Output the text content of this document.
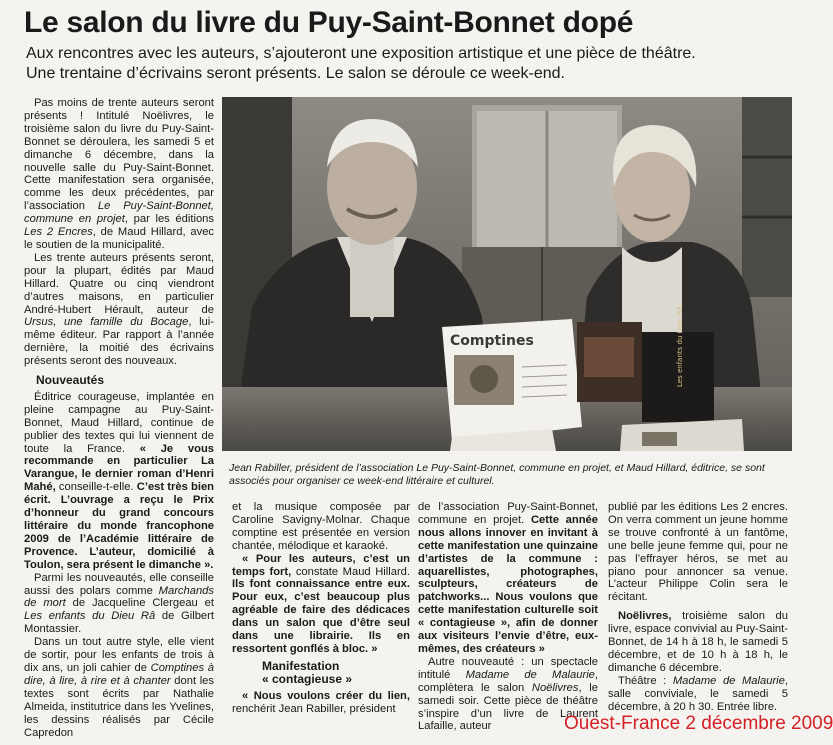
Le salon du livre du Puy-Saint-Bonnet dopé

Aux rencontres avec les auteurs, s’ajouteront une exposition artistique et une pièce de théâtre.

Une trentaine d’écrivains seront présents. Le salon se déroule ce week-end.

Pas moins de trente auteurs seront présents ! Intitulé Noëlivres, le troisième salon du livre du Puy-Saint-Bonnet se déroulera, les samedi 5 et dimanche 6 décembre, dans la nouvelle salle du Puy-Saint-Bonnet. Cette manifestation sera organisée, comme les deux précédentes, par l’association Le Puy-Saint-Bonnet, commune en projet, par les éditions Les 2 Encres, de Maud Hillard, avec le soutien de la municipalité.

Les trente auteurs présents seront, pour la plupart, édités par Maud Hillard. Quatre ou cinq viendront d’autres maisons, en particulier André-Hubert Hérault, auteur de Ursus, une famille du Bocage, lui-même éditeur. Par rapport à l’année dernière, la moitié des écrivains présents seront des nouveaux.

Nouveautés

Éditrice courageuse, implantée en pleine campagne au Puy-Saint-Bonnet, Maud Hillard, continue de publier des textes qui lui viennent de toute la France. « Je vous recommande en particulier La Varangue, le dernier roman d’Henri Mahé, conseille-t-elle. C’est très bien écrit. L’ouvrage a reçu le Prix d’honneur du grand concours littéraire du monde francophone 2009 de l’Académie littéraire de Provence. L’auteur, domicilié à Toulon, sera présent le dimanche ».

Parmi les nouveautés, elle conseille aussi des polars comme Marchands de mort de Jacqueline Clergeau et Les enfants du Dieu Râ de Gilbert Montassier.

Dans un tout autre style, elle vient de sortir, pour les enfants de trois à dix ans, un joli cahier de Comptines à dire, à lire, à rire et à chanter dont les textes sont écrits par Nathalie Almeida, institutrice dans les Yvelines, les dessins réalisés par Cécile Capredon

Comptines	Les enfants du Dieu Râ

Jean Rabiller, président de l’association Le Puy-Saint-Bonnet, commune en projet, et Maud Hillard, éditrice, se sont associés pour organiser ce week-end littéraire et culturel.

et la musique composée par Caroline Savigny-Molnar. Chaque comptine est présentée en version chantée, mélodique et karaoké.

« Pour les auteurs, c’est un temps fort, constate Maud Hillard. Ils font connaissance entre eux. Pour eux, c’est beaucoup plus agréable de faire des dédicaces dans un salon que d’être seul dans une librairie. Ils en ressortent gonflés à bloc. »

Manifestation
« contagieuse »

« Nous voulons créer du lien, renchérit Jean Rabiller, président

de l’association Puy-Saint-Bonnet, commune en projet. Cette année nous allons innover en invitant à cette manifestation une quinzaine d’artistes de la commune : aquarellistes, photographes, sculpteurs, créateurs de patchworks... Nous voulons que cette manifestation culturelle soit « contagieuse », afin de donner aux visiteurs l’envie d’être, eux-mêmes, des créateurs »

Autre nouveauté : un spectacle intitulé Madame de Malaurie, complètera le salon Noëlivres, le samedi soir. Cette pièce de théâtre s’inspire d’un livre de Laurent Lafaille, auteur

publié par les éditions Les 2 encres. On verra comment un jeune homme se trouve confronté à un fantôme, une belle jeune femme qui, pour ne pas l’effrayer héros, se met au piano pour annoncer sa venue. L’acteur Philippe Colin sera le récitant.

Noëlivres, troisième salon du livre, espace convivial au Puy-Saint-Bonnet, de 14 h à 18 h, le samedi 5 décembre, et de 10 h à 18 h, le dimanche 6 décembre.

Théâtre : Madame de Malaurie, salle conviviale, le samedi 5 décembre, à 20 h 30. Entrée libre.

Ouest-France 2 décembre 2009
